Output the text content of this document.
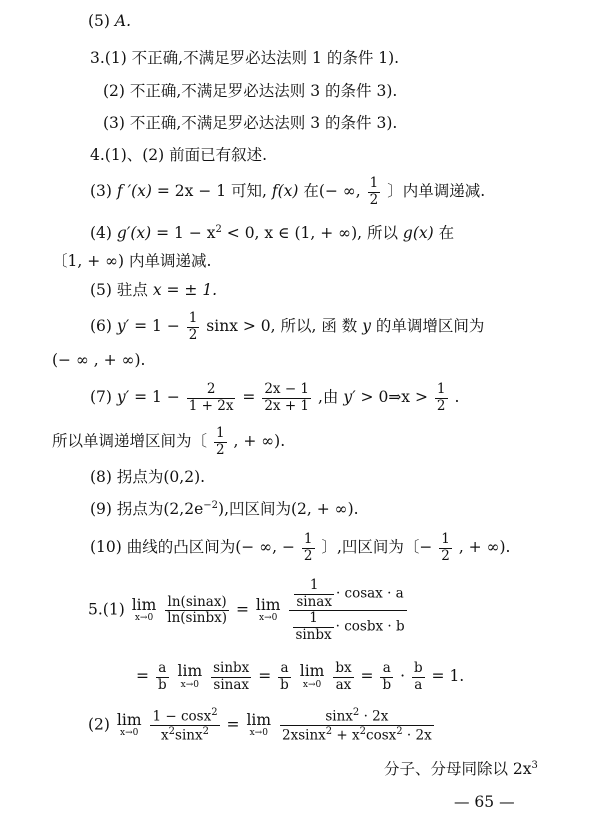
(5) A.
3.(1) 不正确,不满足罗必达法则 1 的条件 1).
(2) 不正确,不满足罗必达法则 3 的条件 3).
(3) 不正确,不满足罗必达法则 3 的条件 3).
4.(1)、(2) 前面已有叙述.
(3) f ′(x) = 2x − 1 可知, f(x) 在(− ∞, $\frac{1}{2}$ 〕内单调递减.
(4) $g'(x) = 1 - x^2 < 0$, x ∈ (1, + ∞), 所以 g(x) 在
〔1, + ∞) 内单调递减.
(5) 驻点 x = ± 1.
(6) $y' = 1 - \frac{1}{2}$ sinx > 0, 所以, 函 数 y 的单调增区间为
(− ∞ , + ∞).
(7) $y' = 1 - \frac{2}{1 + 2x} = \frac{2x - 1}{2x + 1}$ ,由 y′ > 0⇒x > $\frac{1}{2}$ .
所以单调递增区间为〔 $\frac{1}{2}$ , + ∞).
(8) 拐点为(0,2).
(9) 拐点为$(2,2e^{-2})$,凹区间为(2, + ∞).
(10) 曲线的凸区间为(− ∞, − $\frac{1}{2}$ 〕,凹区间为〔− $\frac{1}{2}$ , + ∞).
5.(1) lim
x→0
$\frac{\text{ln(sinax)}}{\text{ln(sinbx)}} = \lim$
x→0
$\frac{\frac{1}{\text{sinax}} \cdot cosax \cdot a}{\frac{1}{\text{sinbx}} \cdot cosbx \cdot b}$
= $\frac{a}{b}$ lim
x→0
$\frac{\text{sinbx}}{\text{sinax}} = \frac{a}{b}$ lim
x→0
$\frac{bx}{ax} = \frac{a}{b} \cdot \frac{b}{a} = 1$.
(2) lim
x→0
$\frac{1 - \cos x^2}{x^2\sin x^2} = \lim$
x→0
$\frac{\sin x^2 \cdot 2x}{2xsinx^2 + x^2\cos x^2 \cdot 2x}$
分子、分母同除以 $2x^3$
— 65 —
